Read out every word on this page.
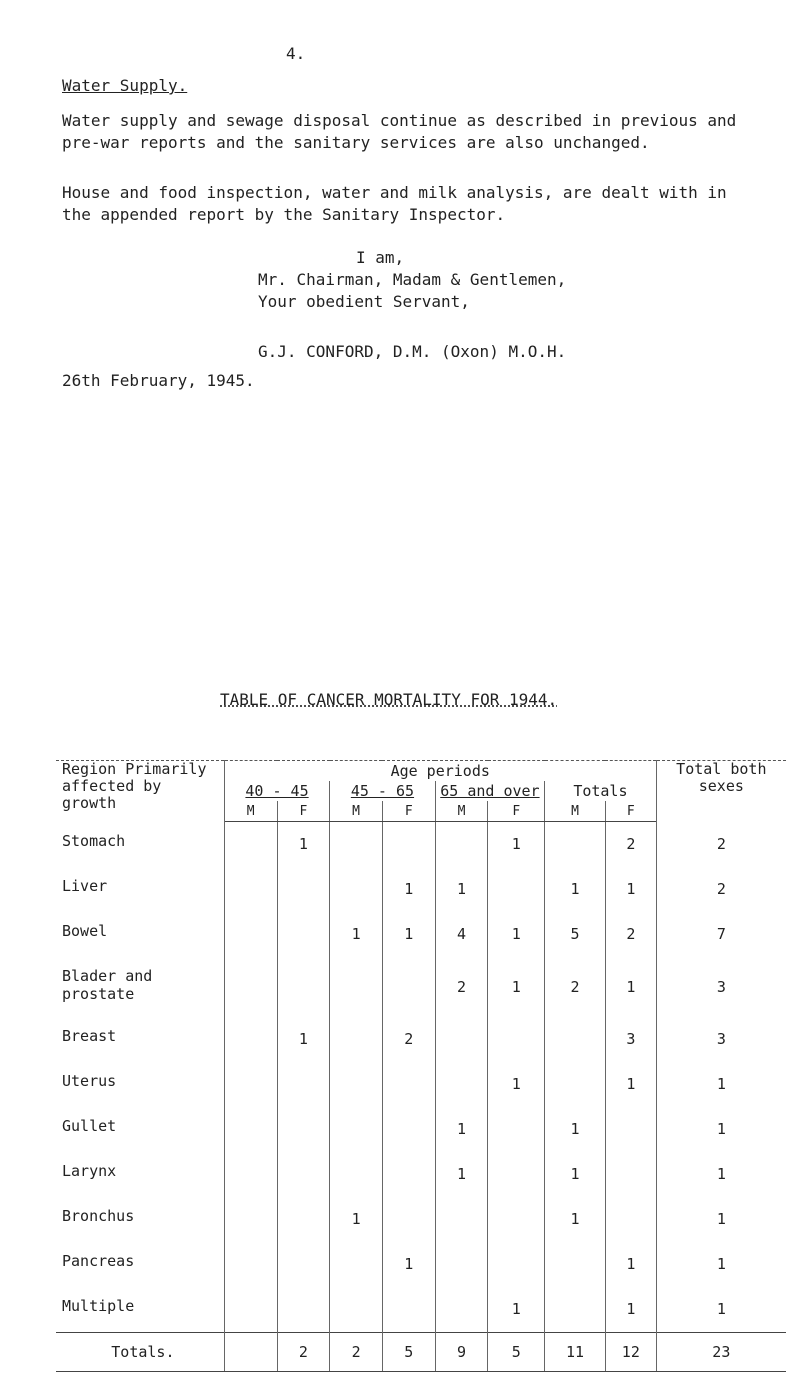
4.
Water Supply.
Water supply and sewage disposal continue as described in previous and pre-war reports and the sanitary services are also unchanged.
House and food inspection, water and milk analysis, are dealt with in the appended report by the Sanitary Inspector.
I am,
Mr. Chairman, Madam & Gentlemen,
Your obedient Servant,
G.J. CONFORD, D.M. (Oxon) M.O.H.
26th February, 1945.
TABLE OF CANCER MORTALITY FOR 1944.
Region Primarily affected by growth	Age periods								Total both sexes
	40 - 45		45 - 65		65 and over		Totals		
	M	F	M	F	M	F	M	F	
Stomach		1				1		2	2
Liver				1	1		1	1	2
Bowel			1	1	4	1	5	2	7
Blader and prostate					2	1	2	1	3
Breast		1		2				3	3
Uterus						1		1	1
Gullet					1		1		1
Larynx					1		1		1
Bronchus			1				1		1
Pancreas				1				1	1
Multiple						1		1	1
Totals.		2	2	5	9	5	11	12	23
